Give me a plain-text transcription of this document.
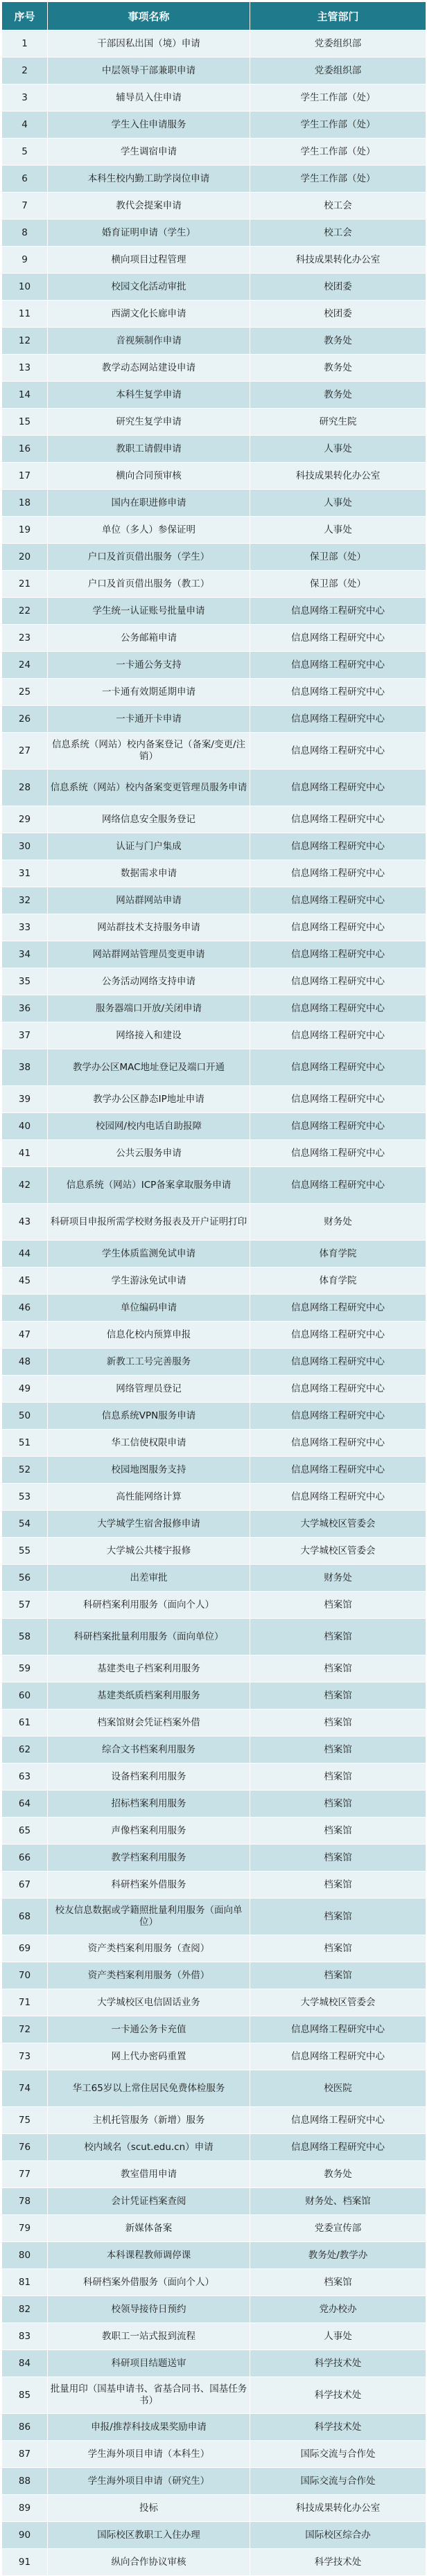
序号	事项名称	主管部门
1	干部因私出国（境）申请	党委组织部
2	中层领导干部兼职申请	党委组织部
3	辅导员入住申请	学生工作部（处）
4	学生入住申请服务	学生工作部（处）
5	学生调宿申请	学生工作部（处）
6	本科生校内勤工助学岗位申请	学生工作部（处）
7	教代会提案申请	校工会
8	婚育证明申请（学生）	校工会
9	横向项目过程管理	科技成果转化办公室
10	校园文化活动审批	校团委
11	西湖文化长廊申请	校团委
12	音视频制作申请	教务处
13	教学动态网站建设申请	教务处
14	本科生复学申请	教务处
15	研究生复学申请	研究生院
16	教职工请假申请	人事处
17	横向合同预审核	科技成果转化办公室
18	国内在职进修申请	人事处
19	单位（多人）参保证明	人事处
20	户口及首页借出服务（学生）	保卫部（处）
21	户口及首页借出服务（教工）	保卫部（处）
22	学生统一认证账号批量申请	信息网络工程研究中心
23	公务邮箱申请	信息网络工程研究中心
24	一卡通公务支持	信息网络工程研究中心
25	一卡通有效期延期申请	信息网络工程研究中心
26	一卡通开卡申请	信息网络工程研究中心
27	信息系统（网站）校内备案登记（备案/变更/注销）	信息网络工程研究中心
28	信息系统（网站）校内备案变更管理员服务申请	信息网络工程研究中心
29	网络信息安全服务登记	信息网络工程研究中心
30	认证与门户集成	信息网络工程研究中心
31	数据需求申请	信息网络工程研究中心
32	网站群网站申请	信息网络工程研究中心
33	网站群技术支持服务申请	信息网络工程研究中心
34	网站群网站管理员变更申请	信息网络工程研究中心
35	公务活动网络支持申请	信息网络工程研究中心
36	服务器端口开放/关闭申请	信息网络工程研究中心
37	网络接入和建设	信息网络工程研究中心
38	教学办公区MAC地址登记及端口开通	信息网络工程研究中心
39	教学办公区静态IP地址申请	信息网络工程研究中心
40	校园网/校内电话自助报障	信息网络工程研究中心
41	公共云服务申请	信息网络工程研究中心
42	信息系统（网站）ICP备案拿取服务申请	信息网络工程研究中心
43	科研项目申报所需学校财务报表及开户证明打印	财务处
44	学生体质监测免试申请	体育学院
45	学生游泳免试申请	体育学院
46	单位编码申请	信息网络工程研究中心
47	信息化校内预算申报	信息网络工程研究中心
48	新教工工号完善服务	信息网络工程研究中心
49	网络管理员登记	信息网络工程研究中心
50	信息系统VPN服务申请	信息网络工程研究中心
51	华工信使权限申请	信息网络工程研究中心
52	校园地图服务支持	信息网络工程研究中心
53	高性能网络计算	信息网络工程研究中心
54	大学城学生宿舍报修申请	大学城校区管委会
55	大学城公共楼宇报修	大学城校区管委会
56	出差审批	财务处
57	科研档案利用服务（面向个人）	档案馆
58	科研档案批量利用服务（面向单位）	档案馆
59	基建类电子档案利用服务	档案馆
60	基建类纸质档案利用服务	档案馆
61	档案馆财会凭证档案外借	档案馆
62	综合文书档案利用服务	档案馆
63	设备档案利用服务	档案馆
64	招标档案利用服务	档案馆
65	声像档案利用服务	档案馆
66	教学档案利用服务	档案馆
67	科研档案外借服务	档案馆
68	校友信息数据或学籍照批量利用服务（面向单位）	档案馆
69	资产类档案利用服务（查阅）	档案馆
70	资产类档案利用服务（外借）	档案馆
71	大学城校区电信固话业务	大学城校区管委会
72	一卡通公务卡充值	信息网络工程研究中心
73	网上代办密码重置	信息网络工程研究中心
74	华工65岁以上常住居民免费体检服务	校医院
75	主机托管服务（新增）服务	信息网络工程研究中心
76	校内域名（scut.edu.cn）申请	信息网络工程研究中心
77	教室借用申请	教务处
78	会计凭证档案查阅	财务处、档案馆
79	新媒体备案	党委宣传部
80	本科课程教师调停课	教务处/教学办
81	科研档案外借服务（面向个人）	档案馆
82	校领导接待日预约	党办校办
83	教职工一站式报到流程	人事处
84	科研项目结题送审	科学技术处
85	批量用印（国基申请书、省基合同书、国基任务书）	科学技术处
86	申报/推荐科技成果奖励申请	科学技术处
87	学生海外项目申请（本科生）	国际交流与合作处
88	学生海外项目申请（研究生）	国际交流与合作处
89	投标	科技成果转化办公室
90	国际校区教职工入住办理	国际校区综合办
91	纵向合作协议审核	科学技术处
